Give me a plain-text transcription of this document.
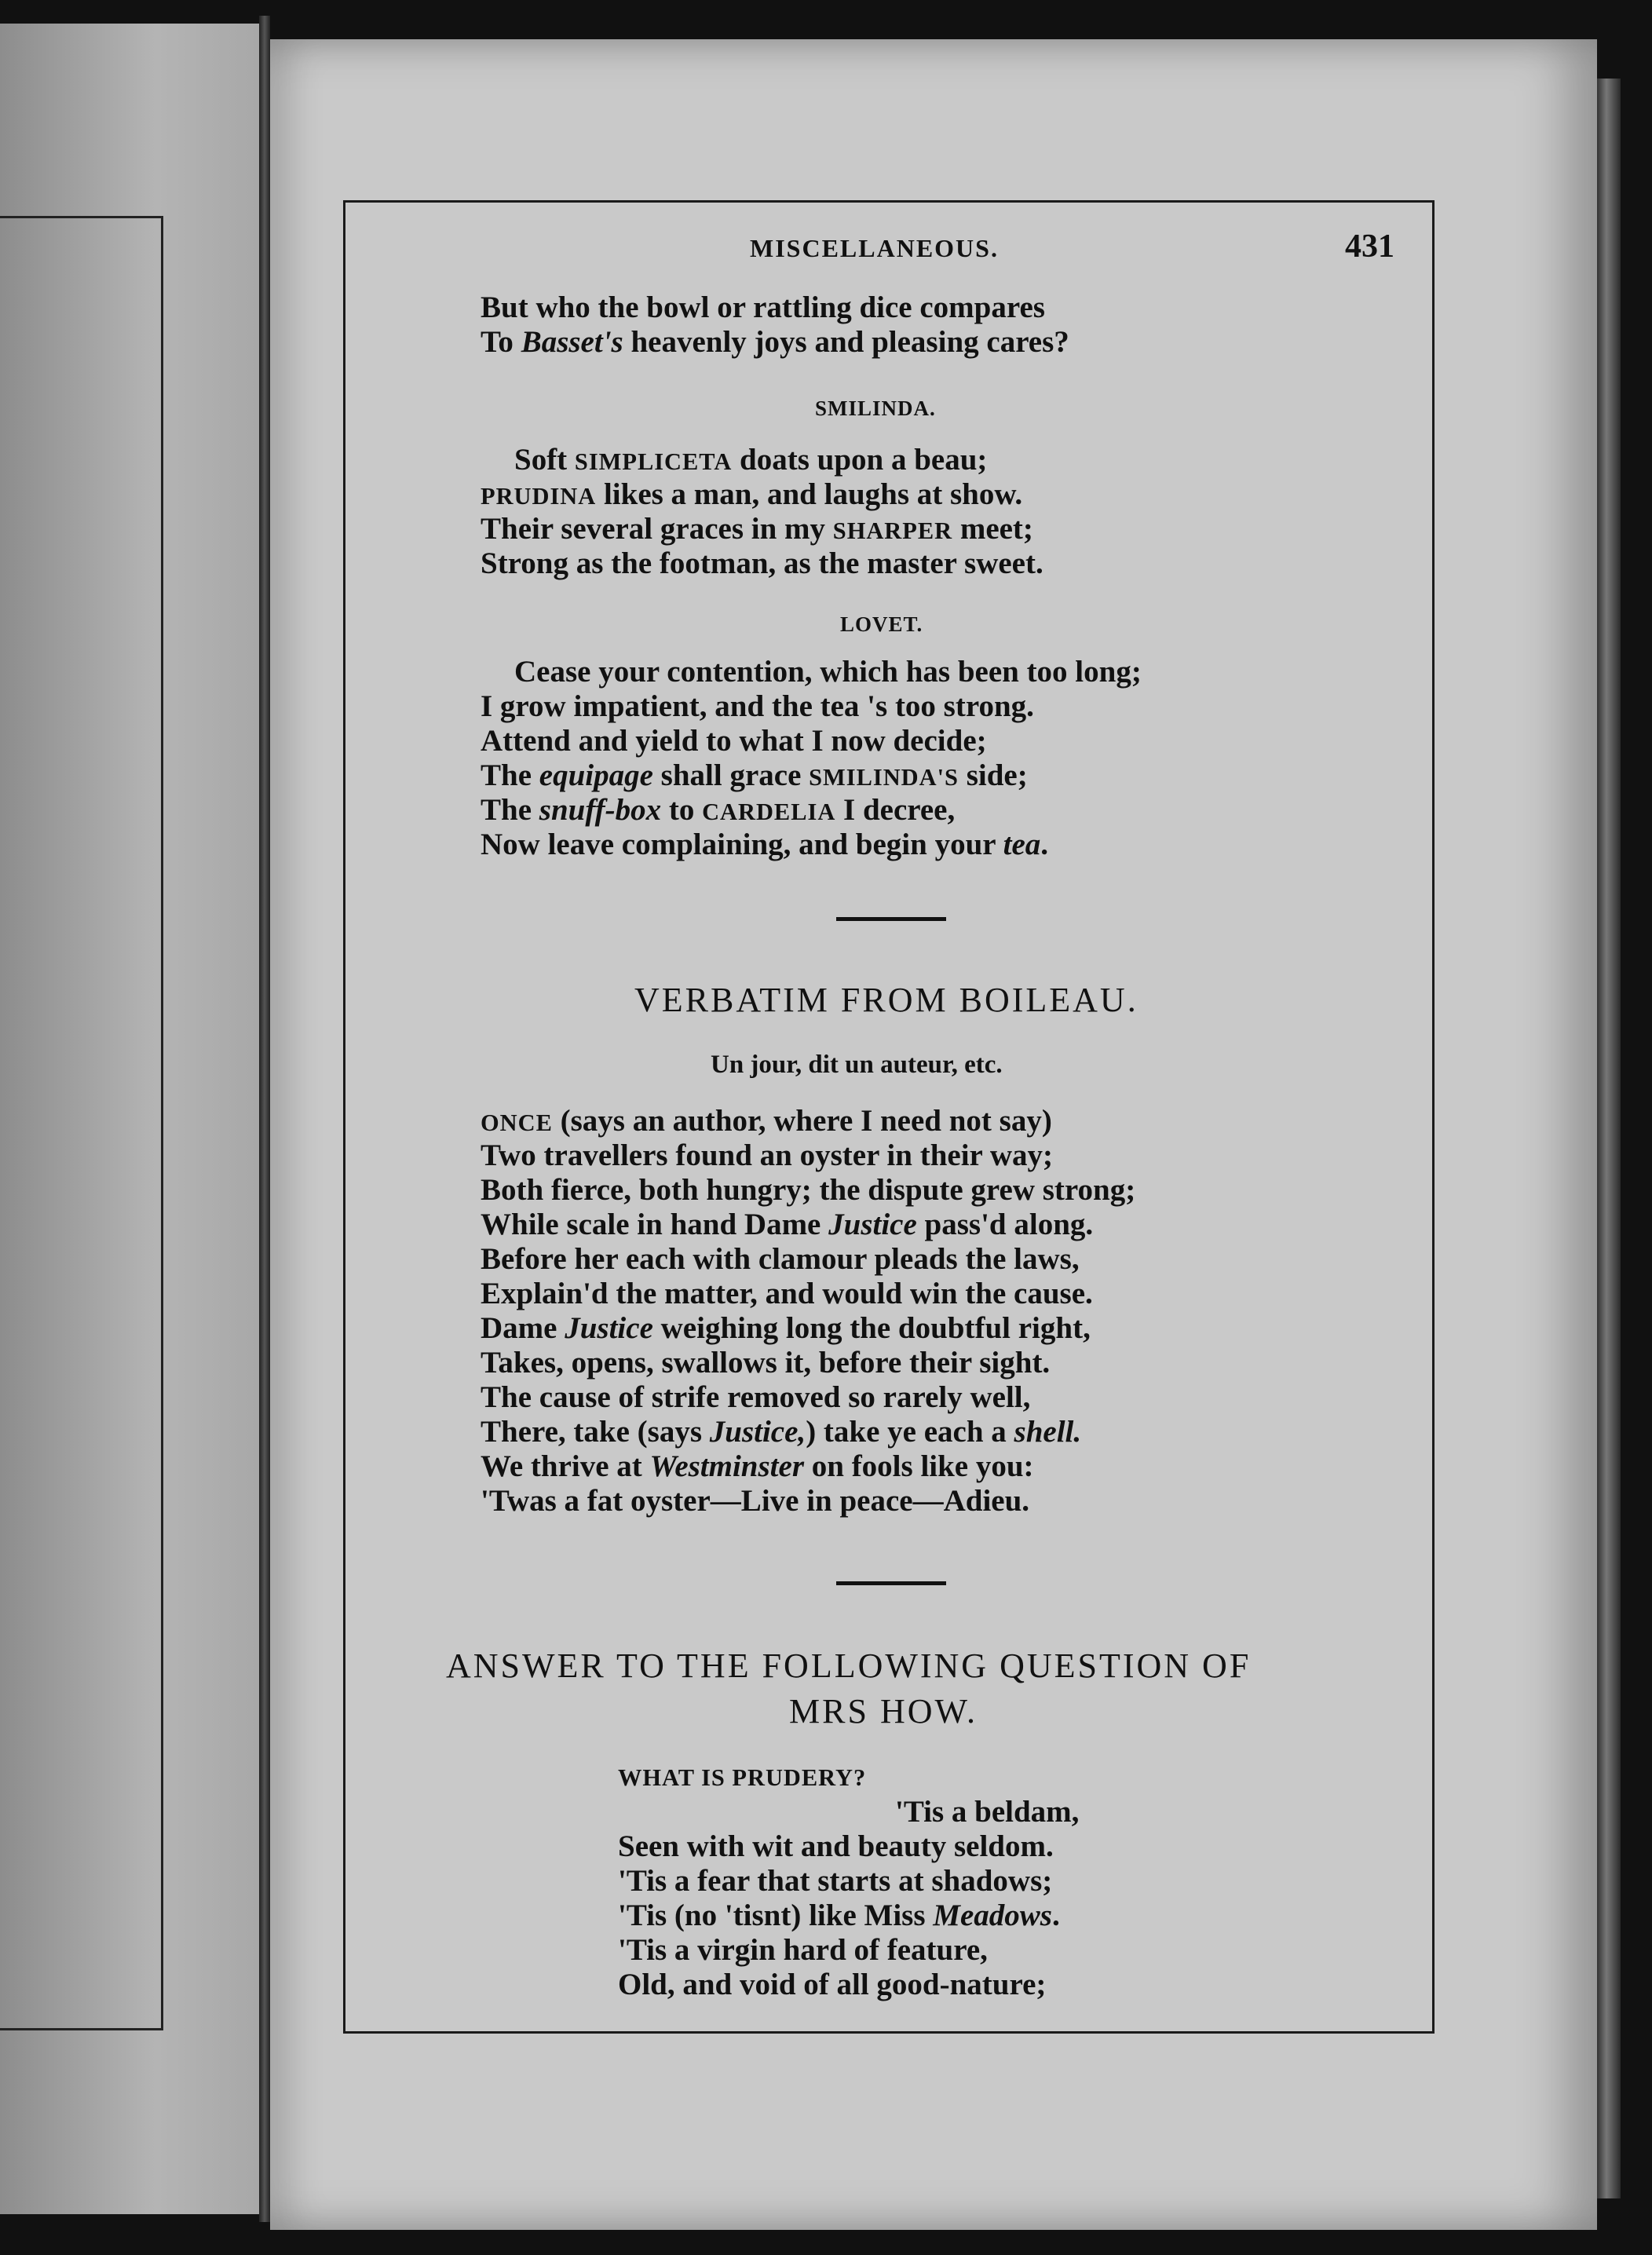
MISCELLANEOUS.	431
But who the bowl or rattling dice compares
To Basset's heavenly joys and pleasing cares?
SMILINDA.
Soft SIMPLICETA doats upon a beau;
PRUDINA likes a man, and laughs at show.
Their several graces in my SHARPER meet;
Strong as the footman, as the master sweet.
LOVET.
Cease your contention, which has been too long;
I grow impatient, and the tea 's too strong.
Attend and yield to what I now decide;
The equipage shall grace SMILINDA'S side;
The snuff-box to CARDELIA I decree,
Now leave complaining, and begin your tea.
VERBATIM FROM BOILEAU.
Un jour, dit un auteur, etc.
ONCE (says an author, where I need not say)
Two travellers found an oyster in their way;
Both fierce, both hungry; the dispute grew strong;
While scale in hand Dame Justice pass'd along.
Before her each with clamour pleads the laws,
Explain'd the matter, and would win the cause.
Dame Justice weighing long the doubtful right,
Takes, opens, swallows it, before their sight.
The cause of strife removed so rarely well,
There, take (says Justice,) take ye each a shell.
We thrive at Westminster on fools like you:
'Twas a fat oyster—Live in peace—Adieu.
ANSWER TO THE FOLLOWING QUESTION OF
MRS HOW.
WHAT IS PRUDERY?
'Tis a beldam,
Seen with wit and beauty seldom.
'Tis a fear that starts at shadows;
'Tis (no 'tisnt) like Miss Meadows.
'Tis a virgin hard of feature,
Old, and void of all good-nature;
